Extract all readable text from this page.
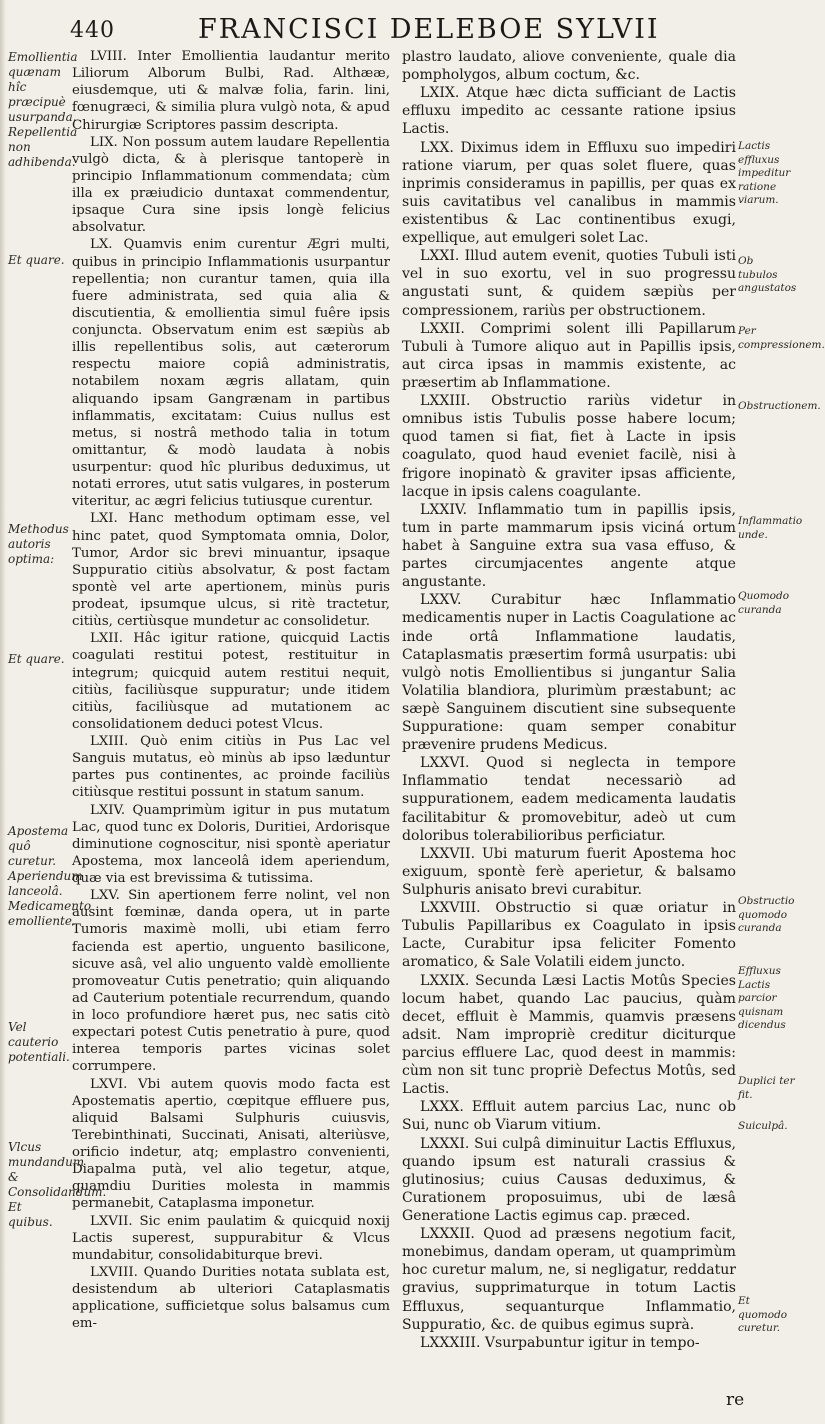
440	FRANCISCI DELEBOE SYLVII
Emollientia quænam hîc præcipuè usurpanda. Repellentia non adhibenda.
Et quare.
Methodus autoris optima:
Et quare.
Apostema quô curetur. Aperiendum lanceolâ. Medicamento emolliente.
Vel cauterio potentiali.
Vlcus mundandum & Consolidandum. Et quibus.

LVIII. Inter Emollientia laudantur merito Liliorum Alborum Bulbi, Rad. Althææ, eiusdemque, uti & malvæ folia, farin. lini, fœnugræci, & similia plura vulgò nota, & apud Chirurgiæ Scriptores passim descripta.

LIX. Non possum autem laudare Repellentia vulgò dicta, & à plerisque tantoperè in principio Inflammationum commendata; cùm illa ex præiudicio duntaxat commendentur, ipsaque Cura sine ipsis longè felicius absolvatur.

LX. Quamvis enim curentur Ægri multi, quibus in principio Inflammationis usurpantur repellentia; non curantur tamen, quia illa fuere administrata, sed quia alia & discutientia, & emollientia simul fuêre ipsis conjuncta. Observatum enim est sæpiùs ab illis repellentibus solis, aut cæterorum respectu maiore copiâ administratis, notabilem noxam ægris allatam, quin aliquando ipsam Gangrænam in partibus inflammatis, excitatam: Cuius nullus est metus, si nostrâ methodo talia in totum omittantur, & modò laudata à nobis usurpentur: quod hîc pluribus deduximus, ut notati errores, utut satis vulgares, in posterum viteritur, ac ægri felicius tutiusque curentur.

LXI. Hanc methodum optimam esse, vel hinc patet, quod Symptomata omnia, Dolor, Tumor, Ardor sic brevi minuantur, ipsaque Suppuratio citiùs absolvatur, & post factam spontè vel arte apertionem, minùs puris prodeat, ipsumque ulcus, si ritè tractetur, citiùs, certiùsque mundetur ac consolidetur.

LXII. Hâc igitur ratione, quicquid Lactis coagulati restitui potest, restituitur in integrum; quicquid autem restitui nequit, citiùs, faciliùsque suppuratur; unde itidem citiùs, faciliùsque ad mutationem ac consolidationem deduci potest Vlcus.

LXIII. Quò enim citiùs in Pus Lac vel Sanguis mutatus, eò minùs ab ipso læduntur partes pus continentes, ac proinde faciliùs citiùsque restitui possunt in statum sanum.

LXIV. Quamprimùm igitur in pus mutatum Lac, quod tunc ex Doloris, Duritiei, Ardorisque diminutione cognoscitur, nisi spontè aperiatur Apostema, mox lanceolâ idem aperiendum, quæ via est brevissima & tutissima.

LXV. Sin apertionem ferre nolint, vel non ausint fœminæ, danda opera, ut in parte Tumoris maximè molli, ubi etiam ferro facienda est apertio, unguento basilicone, sicuve asâ, vel alio unguento valdè emolliente promoveatur Cutis penetratio; quin aliquando ad Cauterium potentiale recurrendum, quando in loco profundiore hæret pus, nec satis citò expectari potest Cutis penetratio à pure, quod interea temporis partes vicinas solet corrumpere.

LXVI. Vbi autem quovis modo facta est Apostematis apertio, cœpitque effluere pus, aliquid Balsami Sulphuris cuiusvis, Terebinthinati, Succinati, Anisati, alteriùsve, orificio indetur, atq; emplastro convenienti, Diapalma putà, vel alio tegetur, atque, quamdiu Durities molesta in mammis permanebit, Cataplasma imponetur.

LXVII. Sic enim paulatim & quicquid noxij Lactis superest, suppurabitur & Vlcus mundabitur, consolidabiturque brevi.

LXVIII. Quando Durities notata sublata est, desistendum ab ulteriori Cataplasmatis applicatione, sufficietque solus balsamus cum em-

plastro laudato, aliove conveniente, quale dia pompholygos, album coctum, &c.

LXIX. Atque hæc dicta sufficiant de Lactis effluxu impedito ac cessante ratione ipsius Lactis.

LXX. Diximus idem in Effluxu suo impediri ratione viarum, per quas solet fluere, quas inprimis consideramus in papillis, per quas ex suis cavitatibus vel canalibus in mammis existentibus & Lac continentibus exugi, expellique, aut emulgeri solet Lac.

LXXI. Illud autem evenit, quoties Tubuli isti vel in suo exortu, vel in suo progressu angustati sunt, & quidem sæpiùs per compressionem, rariùs per obstructionem.

LXXII. Comprimi solent illi Papillarum Tubuli à Tumore aliquo aut in Papillis ipsis, aut circa ipsas in mammis existente, ac præsertim ab Inflammatione.

LXXIII. Obstructio rariùs videtur in omnibus istis Tubulis posse habere locum; quod tamen si fiat, fiet à Lacte in ipsis coagulato, quod haud eveniet facilè, nisi à frigore inopinatò & graviter ipsas afficiente, lacque in ipsis calens coagulante.

LXXIV. Inflammatio tum in papillis ipsis, tum in parte mammarum ipsis viciná ortum habet à Sanguine extra sua vasa effuso, & partes circumjacentes angente atque angustante.

LXXV. Curabitur hæc Inflammatio medicamentis nuper in Lactis Coagulatione ac inde ortâ Inflammatione laudatis, Cataplasmatis præsertim formâ usurpatis: ubi vulgò notis Emollientibus si jungantur Salia Volatilia blandiora, plurimùm præstabunt; ac sæpè Sanguinem discutient sine subsequente Suppuratione: quam semper conabitur prævenire prudens Medicus.

LXXVI. Quod si neglecta in tempore Inflammatio tendat necessariò ad suppurationem, eadem medicamenta laudatis facilitabitur & promovebitur, adeò ut cum doloribus tolerabilioribus perficiatur.

LXXVII. Ubi maturum fuerit Apostema hoc exiguum, spontè ferè aperietur, & balsamo Sulphuris anisato brevi curabitur.

LXXVIII. Obstructio si quæ oriatur in Tubulis Papillaribus ex Coagulato in ipsis Lacte, Curabitur ipsa feliciter Fomento aromatico, & Sale Volatili eidem juncto.

LXXIX. Secunda Læsi Lactis Motûs Species locum habet, quando Lac paucius, quàm decet, effluit è Mammis, quamvis præsens adsit. Nam impropriè creditur diciturque parcius effluere Lac, quod deest in mammis: cùm non sit tunc propriè Defectus Motûs, sed Lactis.

LXXX. Effluit autem parcius Lac, nunc ob Sui, nunc ob Viarum vitium.

LXXXI. Sui culpâ diminuitur Lactis Effluxus, quando ipsum est naturali crassius & glutinosius; cuius Causas deduximus, & Curationem proposuimus, ubi de læsâ Generatione Lactis egimus cap. præced.

LXXXII. Quod ad præsens negotium facit, monebimus, dandam operam, ut quamprimùm hoc curetur malum, ne, si negligatur, reddatur gravius, supprimaturque in totum Lactis Effluxus, sequanturque Inflammatio, Suppuratio, &c. de quibus egimus suprà.

LXXXIII. Vsurpabuntur igitur in tempo-

Lactis effluxus impeditur ratione viarum.
Ob tubulos angustatos
Per compressionem.
Obstructionem.
Inflammatio unde.
Quomodo curanda
Obstructio quomodo curanda
Effluxus Lactis parcior quisnam dicendus
Duplici ter fit.
Suiculpâ.
Et quomodo curetur.
re
